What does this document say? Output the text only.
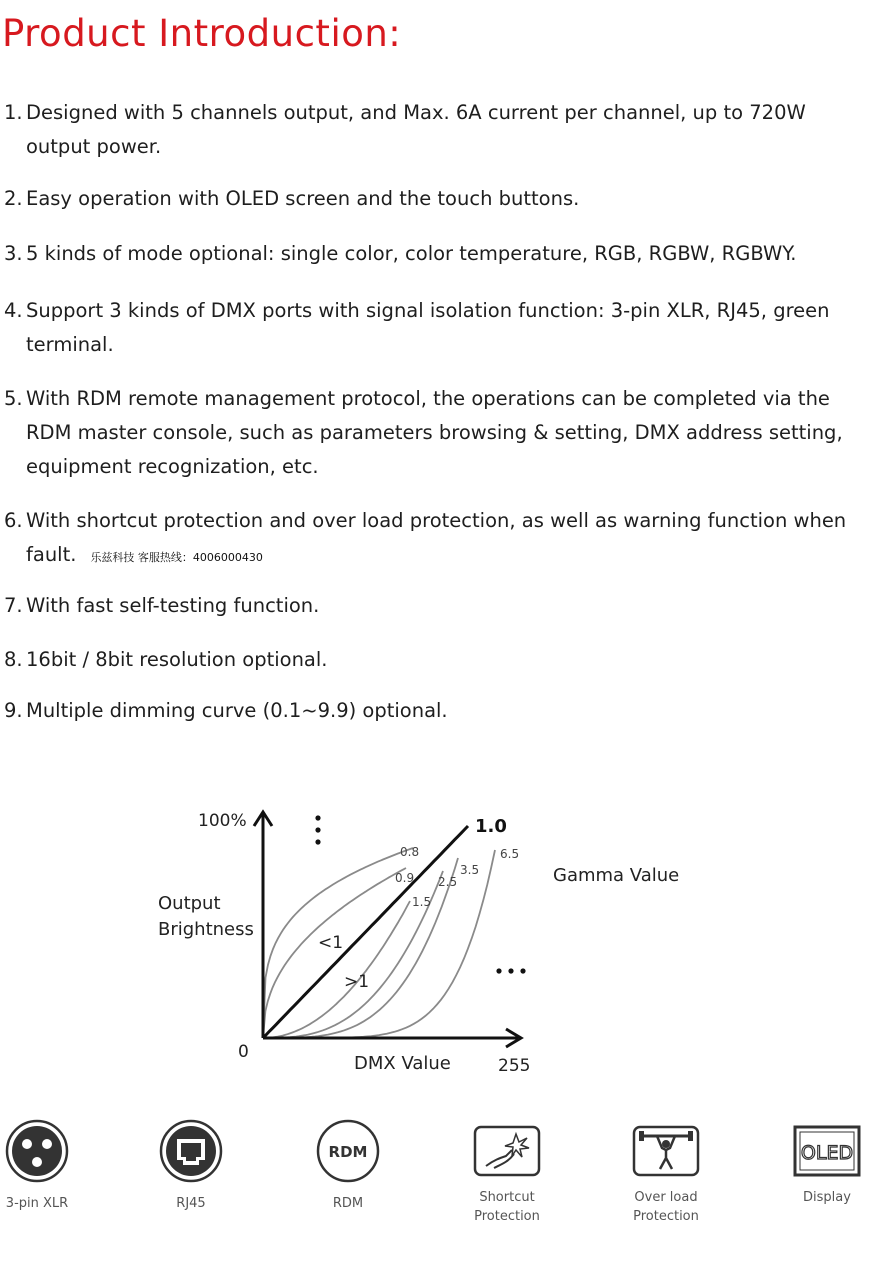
Product Introduction:
1. Designed with 5 channels output, and Max. 6A current per channel, up to 720W output power.
2. Easy operation with OLED screen and the touch buttons.
3. 5 kinds of mode optional: single color, color temperature, RGB, RGBW, RGBWY.
4. Support 3 kinds of DMX ports with signal isolation function: 3-pin XLR, RJ45, green terminal.
5. With RDM remote management protocol, the operations can be completed via the RDM master console, such as parameters browsing & setting, DMX address setting, equipment recognization, etc.
6. With shortcut protection and over load protection, as well as warning function when fault. 乐兹科技 客服热线：4006000430
7. With fast self-testing function.
8. 16bit / 8bit resolution optional.
9. Multiple dimming curve (0.1~9.9) optional.
100%
Output
Brightness
0
DMX Value	255
Gamma Value
1.0
<1
>1
0.8
0.9
1.5
2.5
3.5
6.5
3-pin XLR	RJ45
RDM
RDM	Shortcut
Protection
Over load
Protection
OLED
Display
